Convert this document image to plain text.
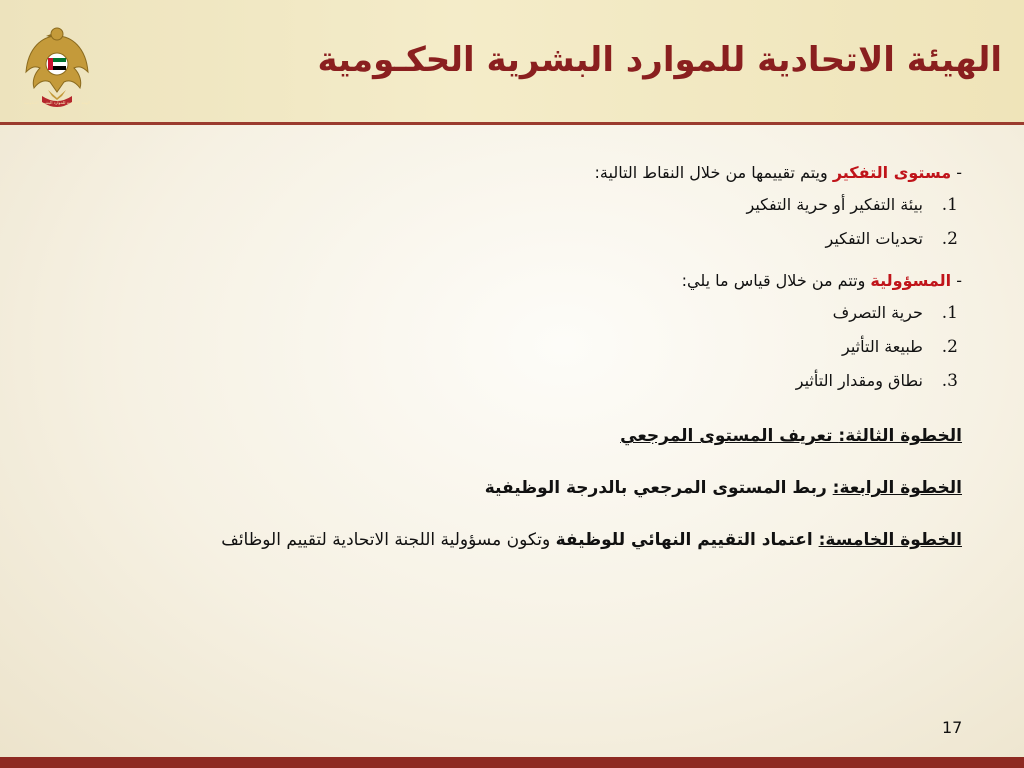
الهيئة الاتحادية للموارد البشرية الحكومية
الهيئة الاتحادية للموارد البشرية الحكـومية
- مستوى التفكير ويتم تقييمها من خلال النقاط التالية:
1. بيئة التفكير أو حرية التفكير
2. تحديات التفكير
- المسؤولية وتتم من خلال قياس ما يلي:
1. حرية التصرف
2. طبيعة التأثير
3. نطاق ومقدار التأثير
الخطوة الثالثة: تعريف المستوى المرجعي
الخطوة الرابعة: ربط المستوى المرجعي بالدرجة الوظيفية
الخطوة الخامسة: اعتماد التقييم النهائي للوظيفة وتكون مسؤولية اللجنة الاتحادية لتقييم الوظائف
17
